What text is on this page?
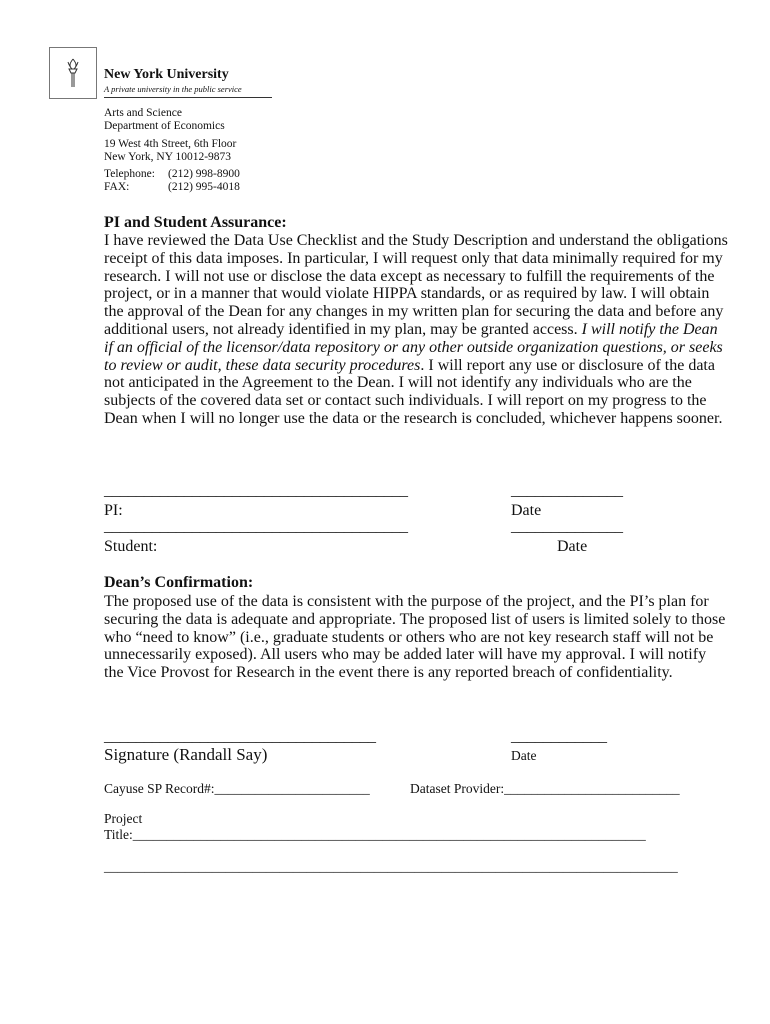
New York University
A private university in the public service
Arts and Science
Department of Economics
19 West 4th Street, 6th Floor
New York, NY 10012-9873
Telephone: (212) 998-8900
FAX:	(212) 995-4018
PI and Student Assurance:
I have reviewed the Data Use Checklist and the Study Description and understand the obligations receipt of this data imposes. In particular, I will request only that data minimally required for my research. I will not use or disclose the data except as necessary to fulfill the requirements of the project, or in a manner that would violate HIPPA standards, or as required by law. I will obtain the approval of the Dean for any changes in my written plan for securing the data and before any additional users, not already identified in my plan, may be granted access. I will notify the Dean if an official of the licensor/data repository or any other outside organization questions, or seeks to review or audit, these data security procedures. I will report any use or disclosure of the data not anticipated in the Agreement to the Dean. I will not identify any individuals who are the subjects of the covered data set or contact such individuals. I will report on my progress to the Dean when I will no longer use the data or the research is concluded, whichever happens sooner.
______________________________________	______________
PI:	Date
______________________________________	______________
Student:	Date
Dean’s Confirmation:
The proposed use of the data is consistent with the purpose of the project, and the PI’s plan for securing the data is adequate and appropriate. The proposed list of users is limited solely to those who “need to know” (i.e., graduate students or others who are not key research staff will not be unnecessarily exposed). All users who may be added later will have my approval. I will notify the Vice Provost for Research in the event there is any reported breach of confidentiality.
__________________________________	____________
Signature (Randall Say)	Date
Cayuse SP Record#:_______________________	Dataset Provider:__________________________
Project
Title:____________________________________________________________________________
_____________________________________________________________________________________
